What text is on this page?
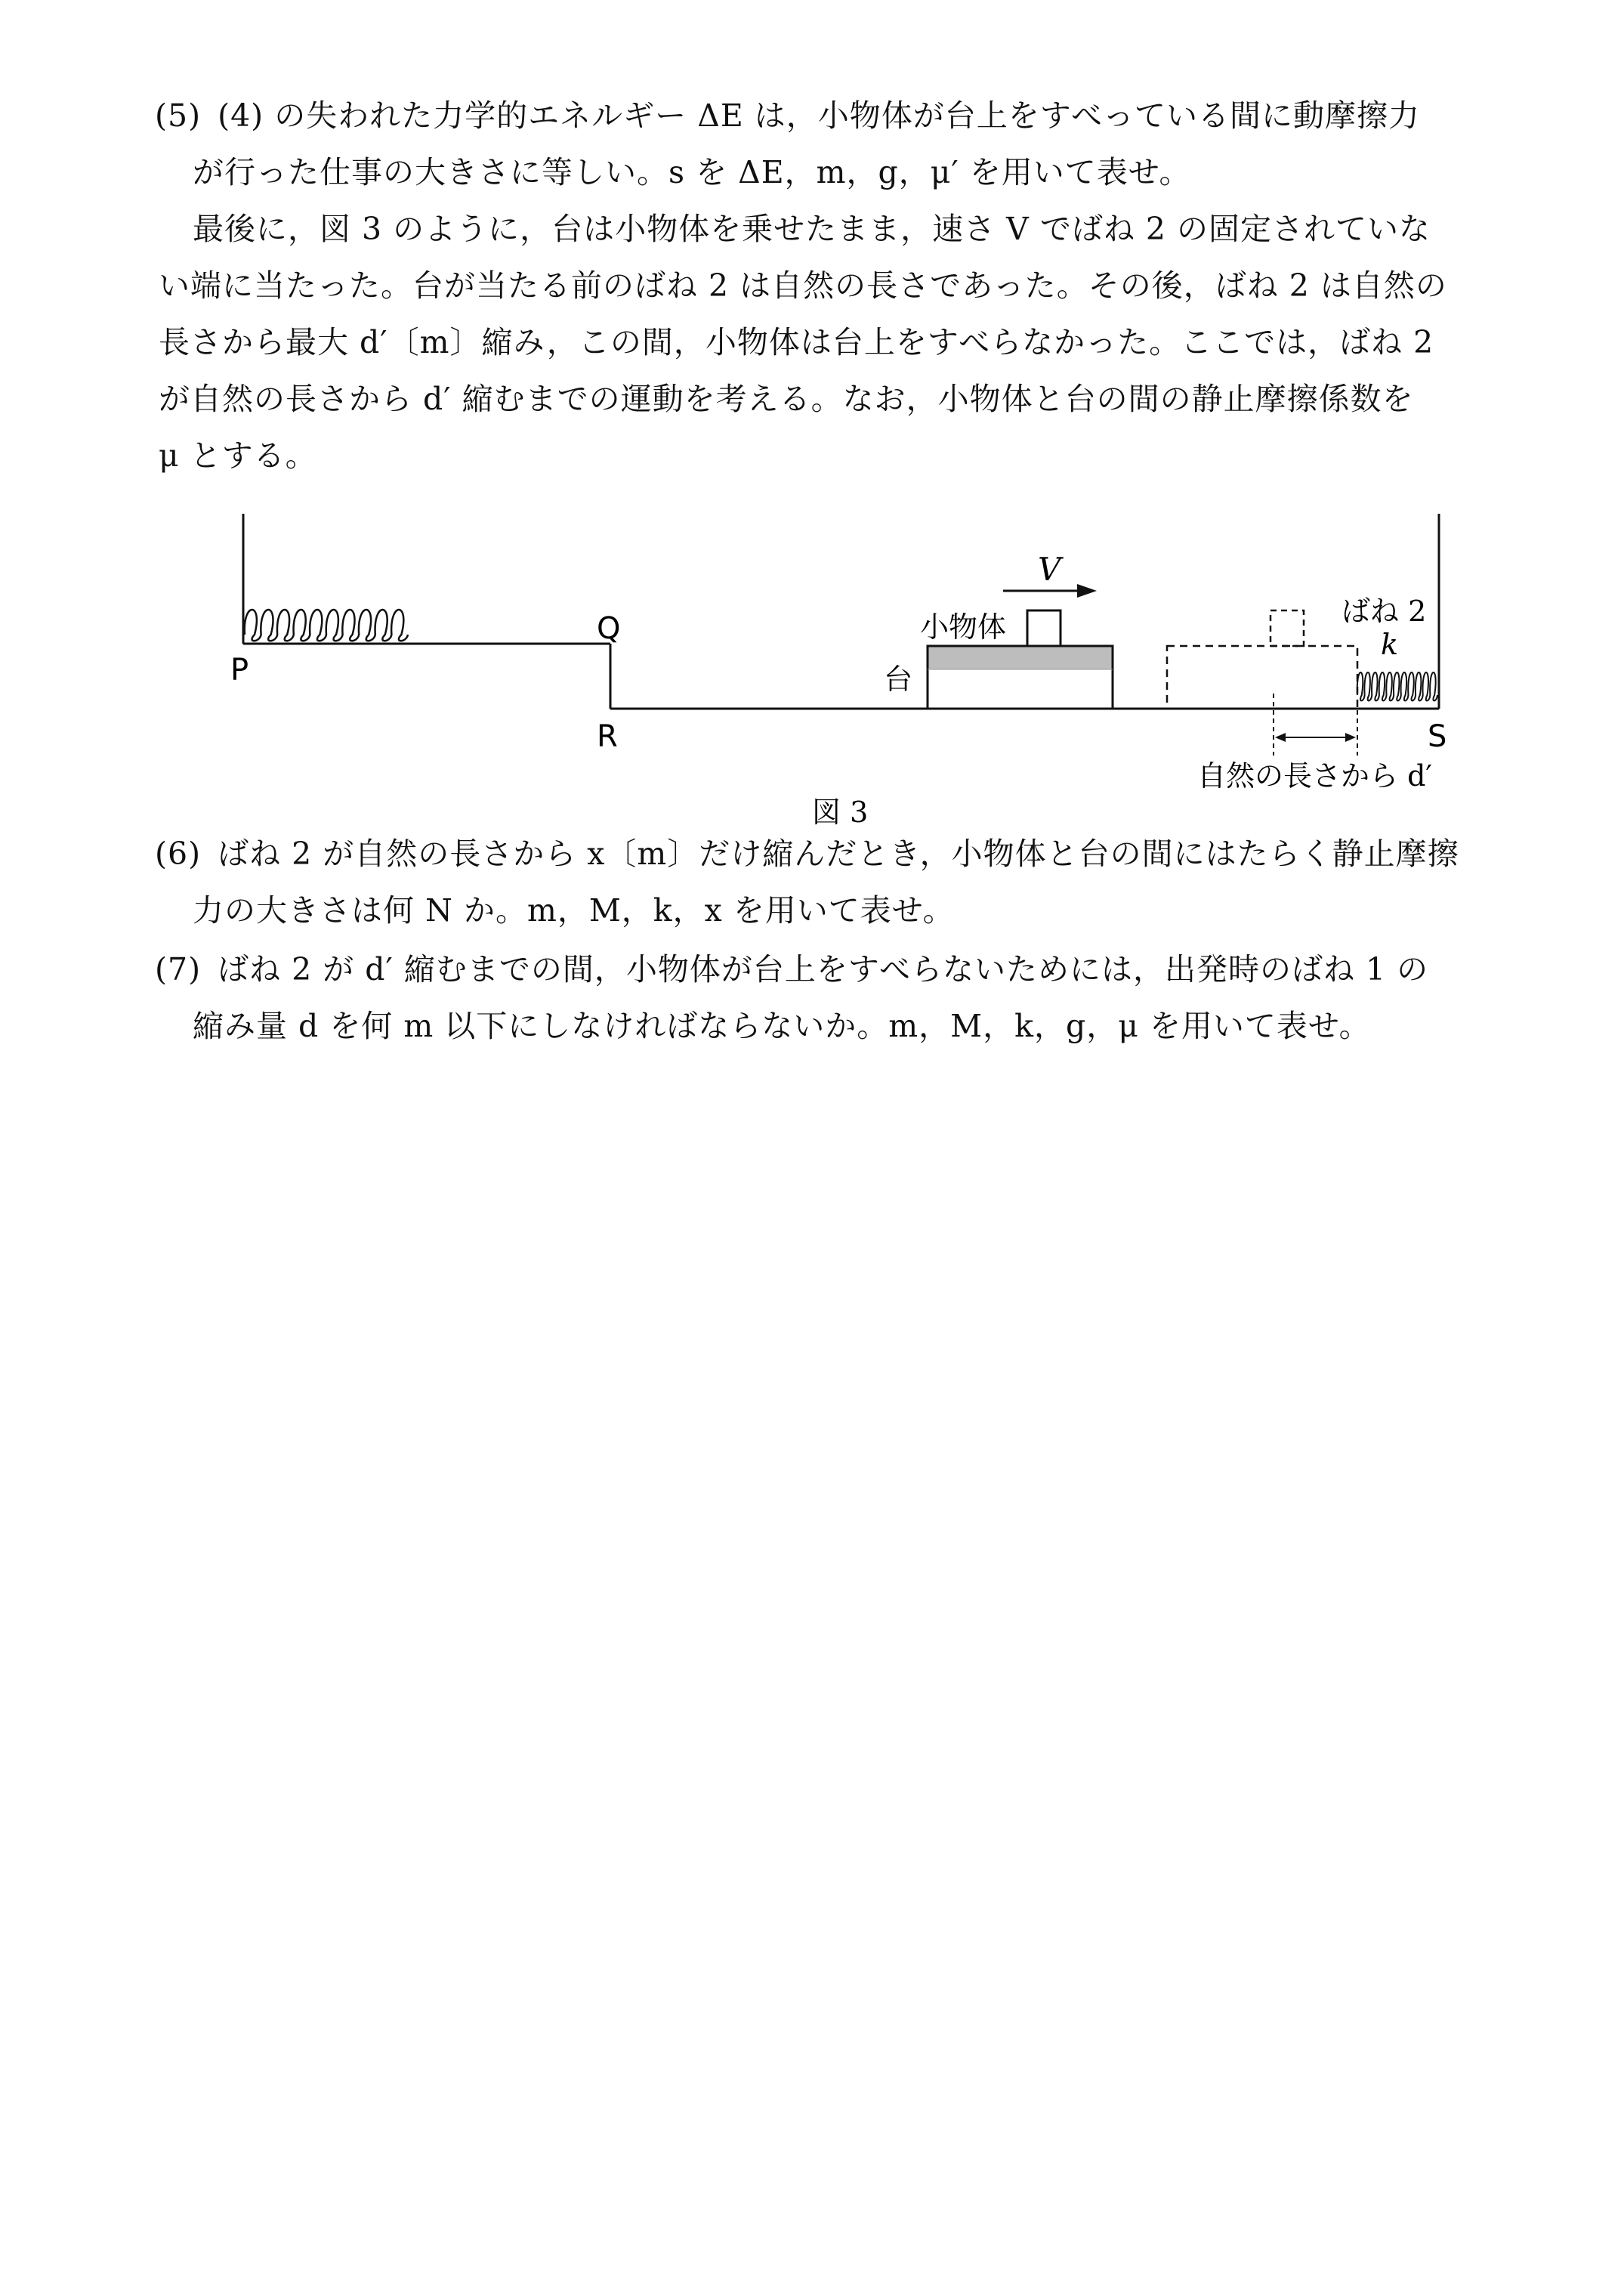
(5) (4) の失われた力学的エネルギー ΔE は，小物体が台上をすべっている間に動摩擦力
が行った仕事の大きさに等しい。s を ΔE，m，g，μ′ を用いて表せ。
最後に，図 3 のように，台は小物体を乗せたまま，速さ V でばね 2 の固定されていな
い端に当たった。台が当たる前のばね 2 は自然の長さであった。その後，ばね 2 は自然の
長さから最大 d′〔m〕縮み，この間，小物体は台上をすべらなかった。ここでは，ばね 2
が自然の長さから d′ 縮むまでの運動を考える。なお，小物体と台の間の静止摩擦係数を
μ とする。
P
Q
R	S
V
小物体
台
ばね 2
k
自然の長さから d′
図 3
(6) ばね 2 が自然の長さから x〔m〕だけ縮んだとき，小物体と台の間にはたらく静止摩擦
力の大きさは何 N か。m，M，k，x を用いて表せ。
(7) ばね 2 が d′ 縮むまでの間，小物体が台上をすべらないためには，出発時のばね 1 の
縮み量 d を何 m 以下にしなければならないか。m，M，k，g，μ を用いて表せ。
